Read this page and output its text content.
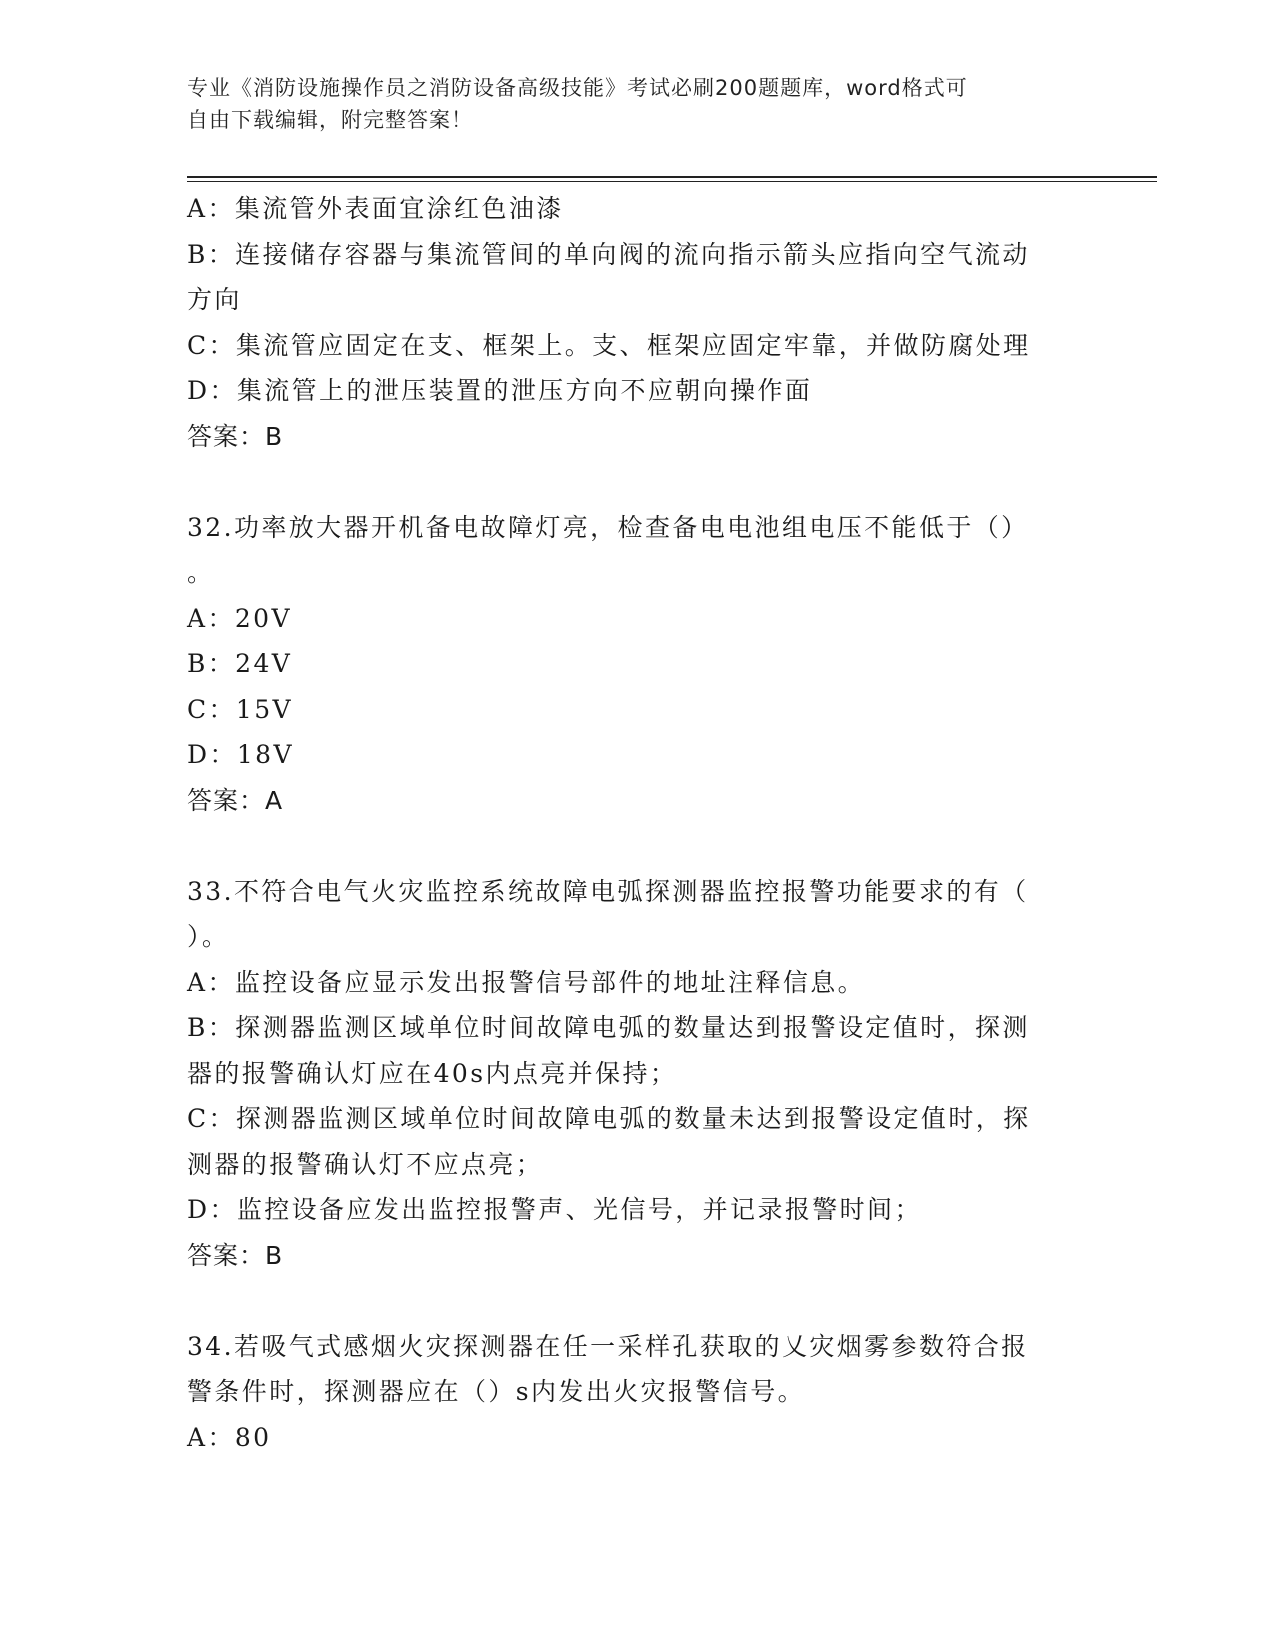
专业《消防设施操作员之消防设备高级技能》考试必刷200题题库，word格式可
自由下载编辑，附完整答案！
A：集流管外表面宜涂红色油漆
B：连接储存容器与集流管间的单向阀的流向指示箭头应指向空气流动
方向
C：集流管应固定在支、框架上。支、框架应固定牢靠，并做防腐处理
D：集流管上的泄压装置的泄压方向不应朝向操作面
答案：B
32.功率放大器开机备电故障灯亮，检查备电电池组电压不能低于（）
。
A：20V
B：24V
C：15V
D：18V
答案：A
33.不符合电气火灾监控系统故障电弧探测器监控报警功能要求的有（
）。
A：监控设备应显示发出报警信号部件的地址注释信息。
B：探测器监测区域单位时间故障电弧的数量达到报警设定值时，探测
器的报警确认灯应在40s内点亮并保持；
C：探测器监测区域单位时间故障电弧的数量未达到报警设定值时，探
测器的报警确认灯不应点亮；
D：监控设备应发出监控报警声、光信号，并记录报警时间；
答案：B
34.若吸气式感烟火灾探测器在任一采样孔获取的乂灾烟雾参数符合报
警条件时，探测器应在（）s内发出火灾报警信号。
A：80
